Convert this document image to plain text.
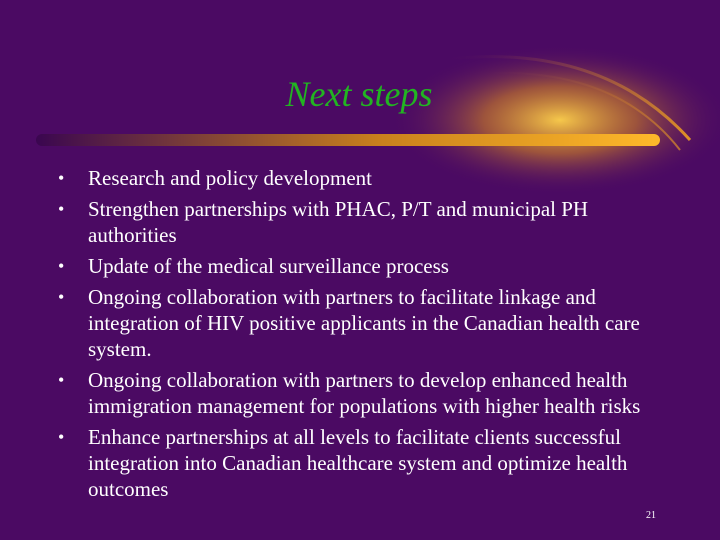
Next steps
• Research and policy development
• Strengthen partnerships with PHAC, P/T and municipal PH authorities
• Update of the medical surveillance process
• Ongoing collaboration with partners to facilitate linkage and integration of HIV positive applicants in the Canadian health care system.
• Ongoing collaboration with partners to develop enhanced health immigration management for populations with higher health risks
• Enhance partnerships at all levels to facilitate clients successful integration into Canadian healthcare system and optimize health outcomes
21
